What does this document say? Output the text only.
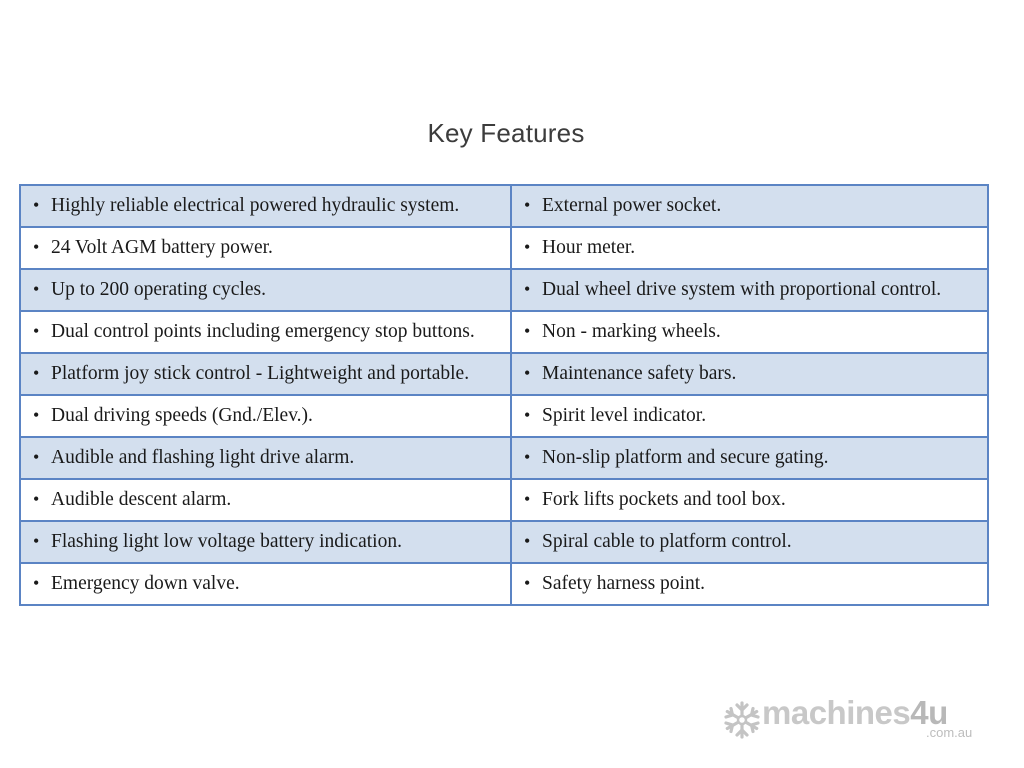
Key Features
• Highly reliable electrical powered hydraulic system.	• External power socket.
• 24 Volt AGM battery power.	• Hour meter.
• Up to 200 operating cycles.	• Dual wheel drive system with proportional control.
• Dual control points including emergency stop buttons.	• Non - marking wheels.
• Platform joy stick control - Lightweight and portable.	• Maintenance safety bars.
• Dual driving speeds (Gnd./Elev.).	• Spirit level indicator.
• Audible and flashing light drive alarm.	• Non-slip platform and secure gating.
• Audible descent alarm.	• Fork lifts pockets and tool box.
• Flashing light low voltage battery indication.	• Spiral cable to platform control.
• Emergency down valve.	• Safety harness point.
machines4u
.com.au
